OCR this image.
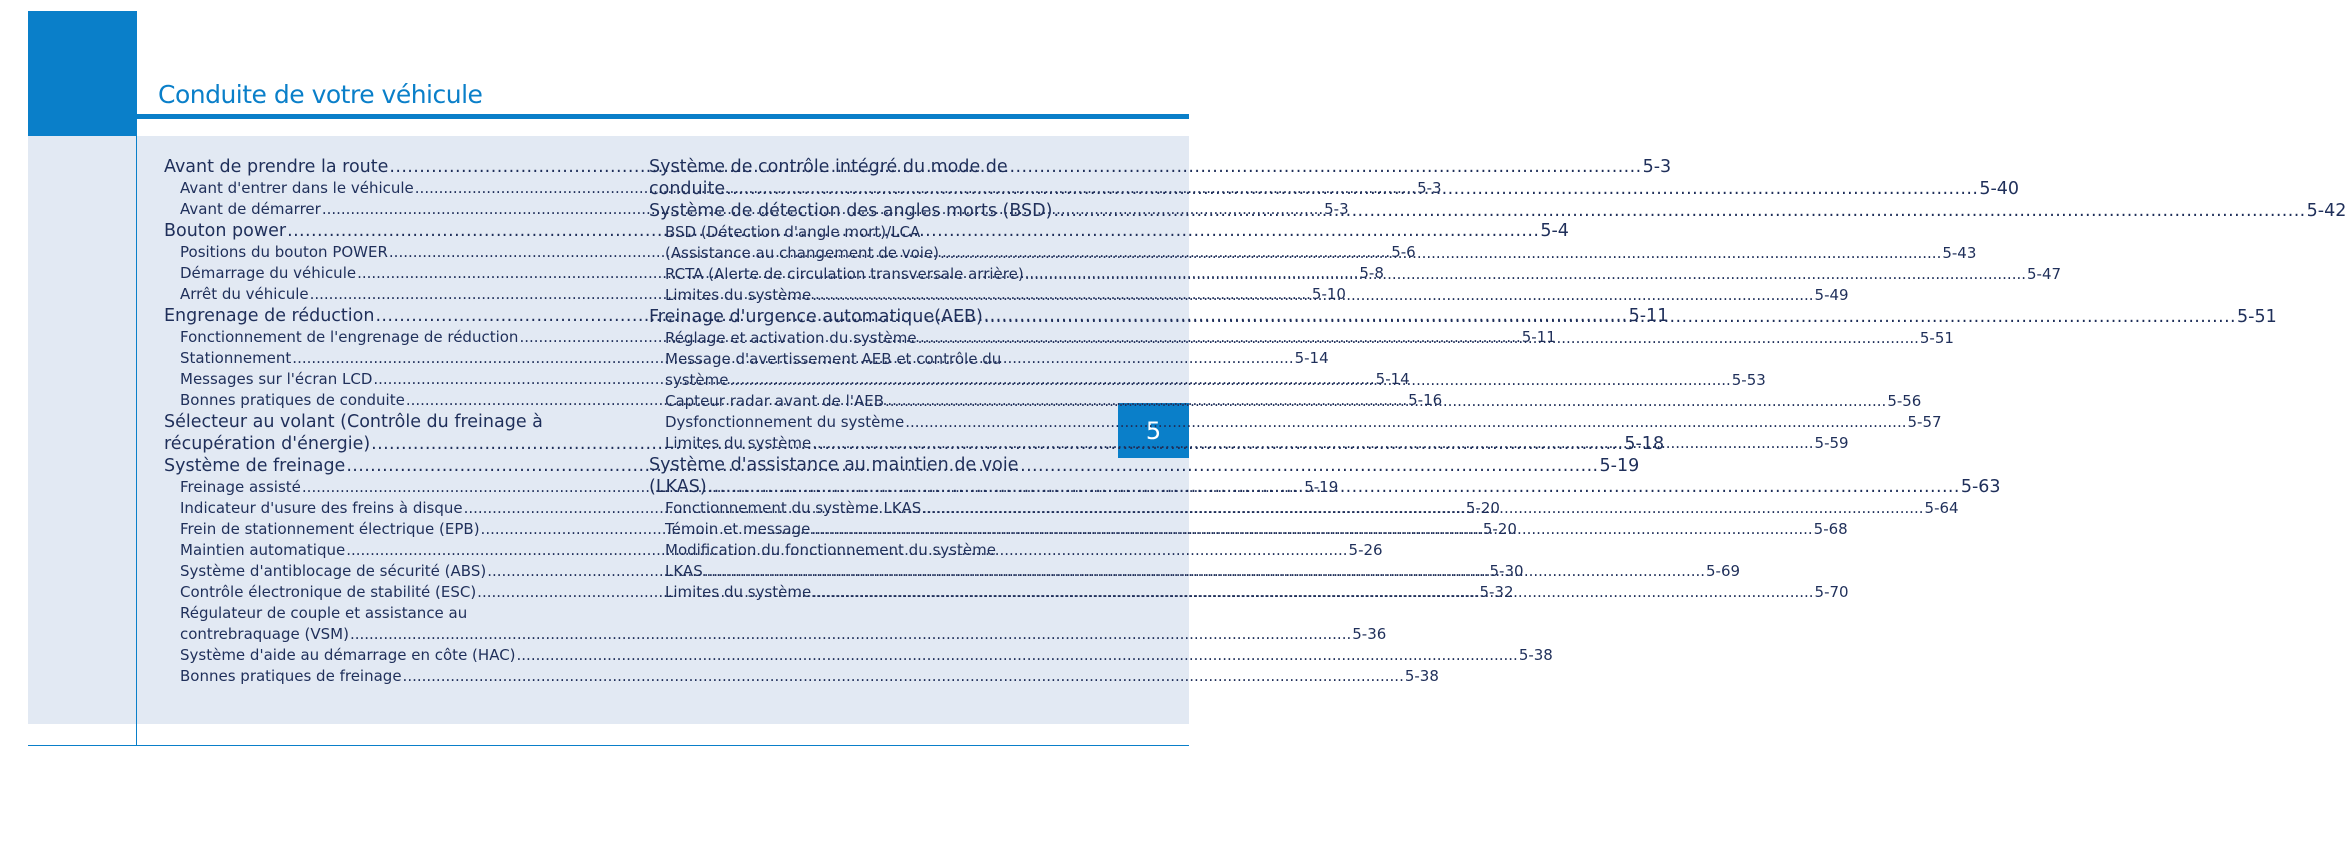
Conduite de votre véhicule
5
Avant de prendre la route .....	5-3
Avant d'entrer dans le véhicule .....	5-3
Avant de démarrer .....	5-3
Bouton power .....	5-4
Positions du bouton POWER .....	5-6
Démarrage du véhicule .....	5-8
Arrêt du véhicule .....	5-10
Engrenage de réduction .....	5-11
Fonctionnement de l'engrenage de réduction .....	5-11
Stationnement .....	5-14
Messages sur l'écran LCD .....	5-14
Bonnes pratiques de conduite .....	5-16
Sélecteur au volant (Contrôle du freinage à
récupération d'énergie) .....	5-18
Système de freinage .....	5-19
Freinage assisté .....	5-19
Indicateur d'usure des freins à disque .....	5-20
Frein de stationnement électrique (EPB) .....	5-20
Maintien automatique .....	5-26
Système d'antiblocage de sécurité (ABS) .....	5-30
Contrôle électronique de stabilité (ESC) .....	5-32
Régulateur de couple et assistance au
contrebraquage (VSM) .....	5-36
Système d'aide au démarrage en côte (HAC) .....	5-38
Bonnes pratiques de freinage .....	5-38
Système de contrôle intégré du mode de
conduite .....	5-40
Système de détection des angles morts (BSD) .....	5-42
BSD (Détection d'angle mort)/LCA
(Assistance au changement de voie) .....	5-43
RCTA (Alerte de circulation transversale arrière) .....	5-47
Limites du système .....	5-49
Freinage d'urgence automatique(AEB) .....	5-51
Réglage et activation du système .....	5-51
Message d'avertissement AEB et contrôle du
système .....	5-53
Capteur radar avant de l'AEB .....	5-56
Dysfonctionnement du système .....	5-57
Limites du système .....	5-59
Système d'assistance au maintien de voie
(LKAS) .....	5-63
Fonctionnement du système LKAS .....	5-64
Témoin et message .....	5-68
Modification du fonctionnement du système
LKAS .....	5-69
Limites du système .....	5-70
